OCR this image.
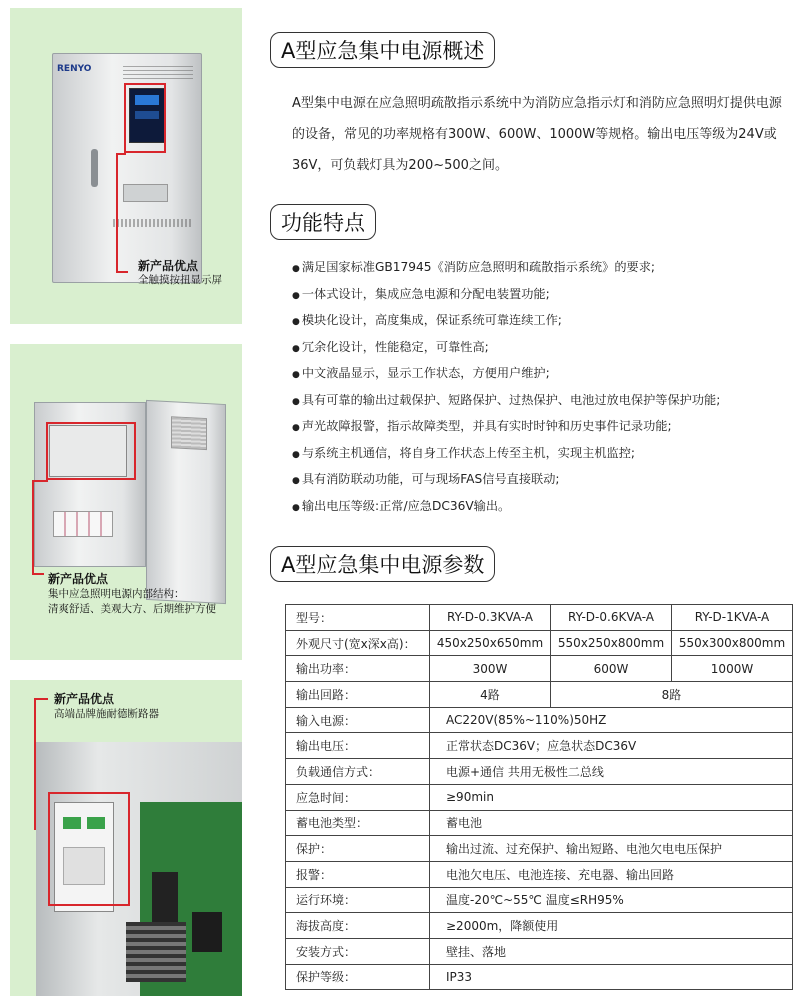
RENYO
新产品优点
全触摸按扭显示屏
新产品优点
集中应急照明电源内部结构：
清爽舒适、美观大方、后期维护方便
新产品优点
高端品牌施耐德断路器
A型应急集中电源概述
A型集中电源在应急照明疏散指示系统中为消防应急指示灯和消防应急照明灯提供电源的设备，常见的功率规格有300W、600W、1000W等规格。输出电压等级为24V或36V，可负载灯具为200~500之间。
功能特点
● 满足国家标准GB17945《消防应急照明和疏散指示系统》的要求;
● 一体式设计，集成应急电源和分配电装置功能;
● 模块化设计，高度集成，保证系统可靠连续工作;
● 冗余化设计，性能稳定，可靠性高;
● 中文液晶显示，显示工作状态，方便用户维护;
● 具有可靠的输出过载保护、短路保护、过热保护、电池过放电保护等保护功能;
● 声光故障报警，指示故障类型，并具有实时时钟和历史事件记录功能;
● 与系统主机通信，将自身工作状态上传至主机，实现主机监控;
● 具有消防联动功能，可与现场FAS信号直接联动;
● 输出电压等级:正常/应急DC36V输出。
A型应急集中电源参数
型号：	RY-D-0.3KVA-A	RY-D-0.6KVA-A	RY-D-1KVA-A
外观尺寸(宽x深x高)：	450x250x650mm	550x250x800mm	550x300x800mm
输出功率：	300W	600W	1000W
输出回路：	4路	8路	
输入电源：	AC220V(85%~110%)50HZ		
输出电压：	正常状态DC36V；应急状态DC36V		
负载通信方式：	电源+通信 共用无极性二总线		
应急时间：	≥90min		
蓄电池类型：	蓄电池		
保护：	输出过流、过充保护、输出短路、电池欠电电压保护		
报警：	电池欠电压、电池连接、充电器、输出回路		
运行环境：	温度-20℃~55℃ 温度≤RH95%		
海拔高度：	≥2000m，降额使用		
安装方式：	壁挂、落地		
保护等级：	IP33		
